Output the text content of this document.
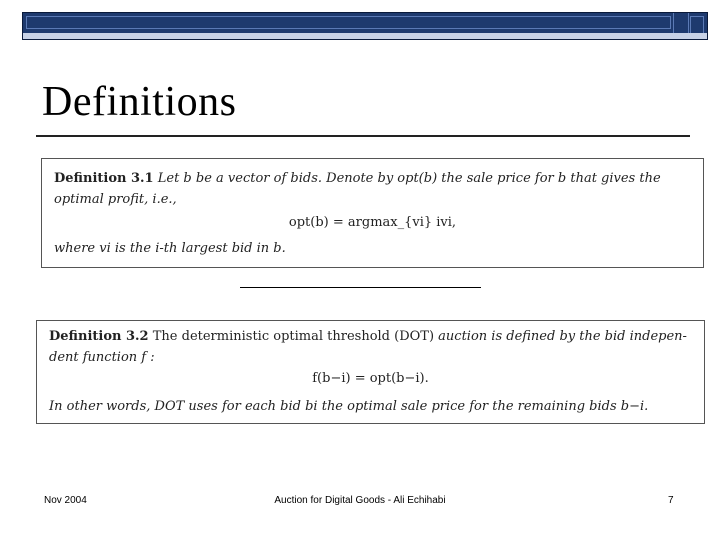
Definitions
Definition 3.1 Let b be a vector of bids. Denote by opt(b) the sale price for b that gives the
optimal profit, i.e.,
opt(b) = argmax_{vi} ivi,
where vi is the i-th largest bid in b.
Definition 3.2 The deterministic optimal threshold (DOT) auction is defined by the bid indepen-
dent function f :
f(b−i) = opt(b−i).
In other words, DOT uses for each bid bi the optimal sale price for the remaining bids b−i.
Nov 2004	Auction for Digital Goods - Ali Echihabi	7
